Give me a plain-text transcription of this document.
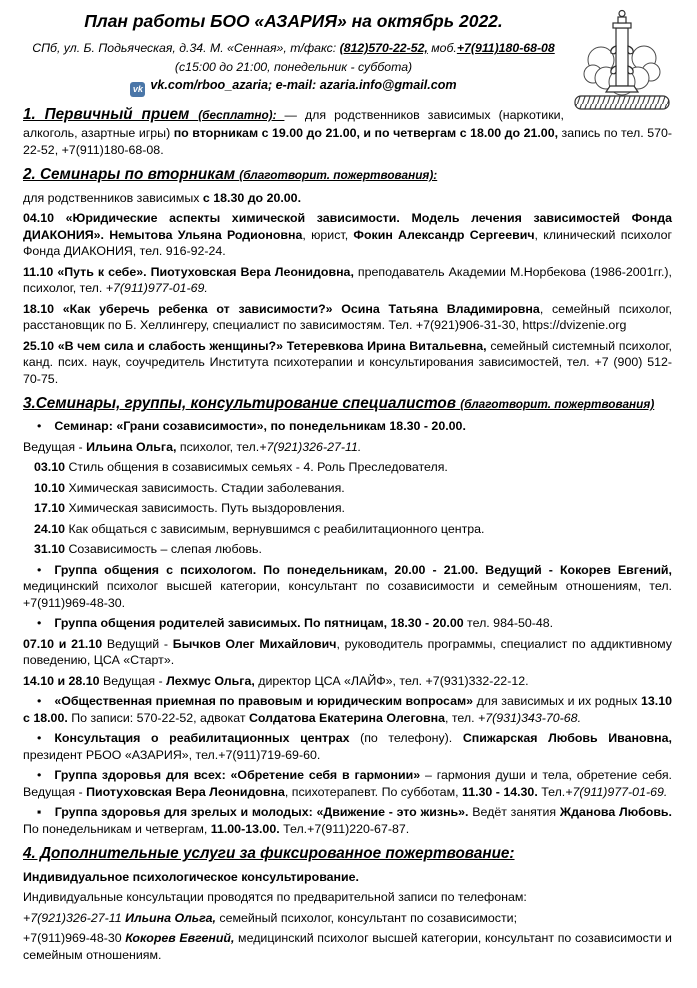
План работы БОО «АЗАРИЯ» на октябрь 2022.
СПб, ул. Б. Подьяческая, д.34. М. «Сенная», т/факс: (812)570-22-52, моб.+7(911)180-68-08
(с15:00 до 21:00, понедельник - суббота)
vk vk.com/rboo_azaria; e-mail: azaria.info@gmail.com

1. Первичный прием (бесплатно): — для родственников зависимых (наркотики, алкоголь, азартные игры) по вторникам с 19.00 до 21.00, и по четвергам с 18.00 до 21.00, запись по тел. 570-22-52, +7(911)180-68-08.

2. Семинары по вторникам (благотворит. пожертвования):

для родственников зависимых с 18.30 до 20.00.

04.10 «Юридические аспекты химической зависимости. Модель лечения зависимостей Фонда ДИАКОНИЯ». Немытова Ульяна Родионовна, юрист, Фокин Александр Сергеевич, клинический психолог Фонда ДИАКОНИЯ, тел. 916-92-24.

11.10 «Путь к себе». Пиотуховская Вера Леонидовна, преподаватель Академии М.Норбекова (1986-2001гг.), психолог, тел. +7(911)977-01-69.

18.10 «Как уберечь ребенка от зависимости?» Осина Татьяна Владимировна, семейный психолог, расстановщик по Б. Хеллингеру, специалист по зависимостям. Тел. +7(921)906-31-30, https://dvizenie.org

25.10 «В чем сила и слабость женщины?» Тетеревкова Ирина Витальевна, семейный системный психолог, канд. псих. наук, соучредитель Института психотерапии и консультирования зависимостей, тел. +7 (900) 512-70-75.

3.Семинары, группы, консультирование специалистов (благотворит. пожертвования)

• Семинар: «Грани созависимости», по понедельникам 18.30 - 20.00.

Ведущая - Ильина Ольга, психолог, тел.+7(921)326-27-11.

03.10 Стиль общения в созависимых семьях - 4. Роль Преследователя.

10.10 Химическая зависимость. Стадии заболевания.

17.10 Химическая зависимость. Путь выздоровления.

24.10 Как общаться с зависимым, вернувшимся с реабилитационного центра.

31.10 Созависимость – слепая любовь.

• Группа общения с психологом. По понедельникам, 20.00 - 21.00. Ведущий - Кокорев Евгений, медицинский психолог высшей категории, консультант по созависимости и семейным отношениям, тел. +7(911)969-48-30.

• Группа общения родителей зависимых. По пятницам, 18.30 - 20.00 тел. 984-50-48.

07.10 и 21.10 Ведущий - Бычков Олег Михайлович, руководитель программы, специалист по аддиктивному поведению, ЦСА «Старт».

14.10 и 28.10 Ведущая - Лехмус Ольга, директор ЦСА «ЛАЙФ», тел. +7(931)332-22-12.

• «Общественная приемная по правовым и юридическим вопросам» для зависимых и их родных 13.10 с 18.00. По записи: 570-22-52, адвокат Солдатова Екатерина Олеговна, тел. +7(931)343-70-68.

• Консультация о реабилитационных центрах (по телефону). Спижарская Любовь Ивановна, президент РБОО «АЗАРИЯ», тел.+7(911)719-69-60.

• Группа здоровья для всех: «Обретение себя в гармонии» – гармония души и тела, обретение себя. Ведущая - Пиотуховская Вера Леонидовна, психотерапевт. По субботам, 11.30 - 14.30. Тел.+7(911)977-01-69.

▪ Группа здоровья для зрелых и молодых: «Движение - это жизнь». Ведёт занятия Жданова Любовь. По понедельникам и четвергам, 11.00-13.00. Тел.+7(911)220-67-87.

4. Дополнительные услуги за фиксированное пожертвование:

Индивидуальное психологическое консультирование.

Индивидуальные консультации проводятся по предварительной записи по телефонам:

+7(921)326-27-11 Ильина Ольга, семейный психолог, консультант по созависимости;

+7(911)969-48-30 Кокорев Евгений, медицинский психолог высшей категории, консультант по созависимости и семейным отношениям.
